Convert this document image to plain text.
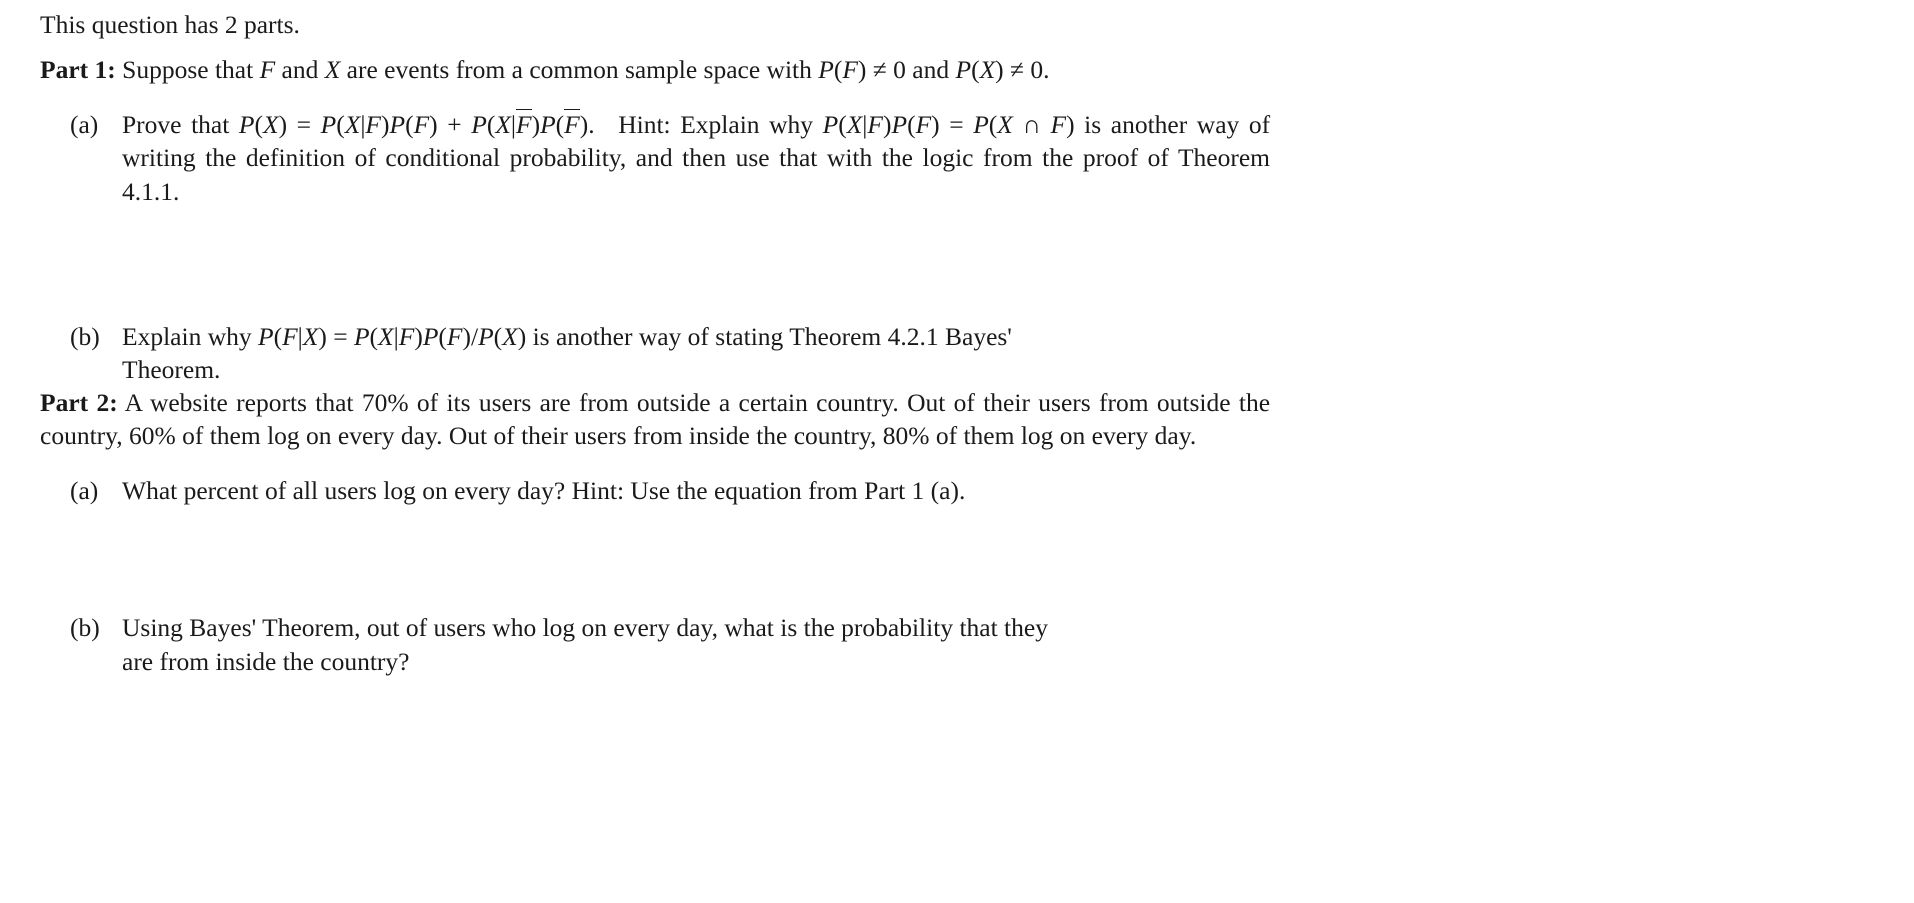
This question has 2 parts.

Part 1: Suppose that F and X are events from a common sample space with P(F) ≠ 0 and P(X) ≠ 0.

(a) Prove that P(X) = P(X|F)P(F) + P(X|
F)P(
F). Hint: Explain why P(X|F)P(F) = P(X ∩ F) is another way of writing the definition of conditional probability, and then use that with the logic from the proof of Theorem 4.1.1.
(b) Explain why P(F|X) = P(X|F)P(F)/P(X) is another way of stating Theorem 4.2.1 Bayes'
Theorem.

Part 2: A website reports that 70% of its users are from outside a certain country. Out of their users from outside the country, 60% of them log on every day. Out of their users from inside the country, 80% of them log on every day.

(a) What percent of all users log on every day? Hint: Use the equation from Part 1 (a).
(b) Using Bayes' Theorem, out of users who log on every day, what is the probability that they
are from inside the country?
